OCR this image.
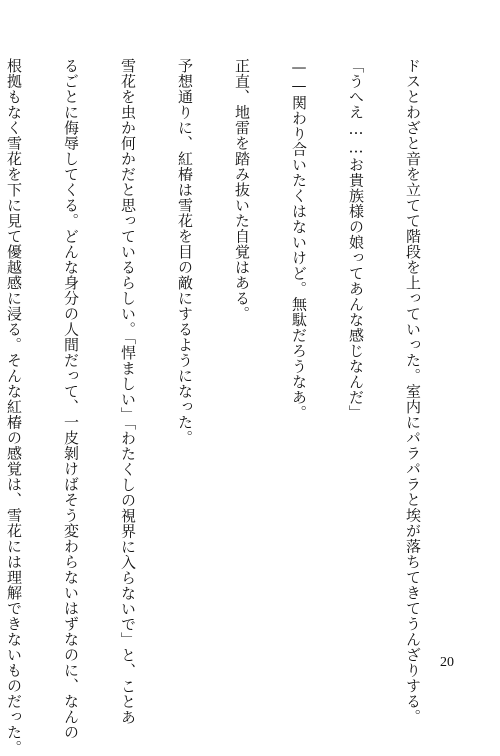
ドスとわざと音を立てて階段を上っていった。室内にパラパラと埃が落ちてきてうんざりする。

「うへえ……お貴族様の娘ってあんな感じなんだ」

——関わり合いたくはないけど。無駄だろうなあ。

正直、地雷を踏み抜いた自覚はある。

予想通りに、紅椿は雪花を目の敵にするようになった。

雪花を虫か何かだと思っているらしい。「悍ましい」「わたくしの視界に入らないで」と、ことあ

るごとに侮辱してくる。どんな身分の人間だって、一皮剝けばそう変わらないはずなのに、なんの

根拠もなく雪花を下に見て優越感に浸る。そんな紅椿の感覚は、雪花には理解できないものだった。

	20
